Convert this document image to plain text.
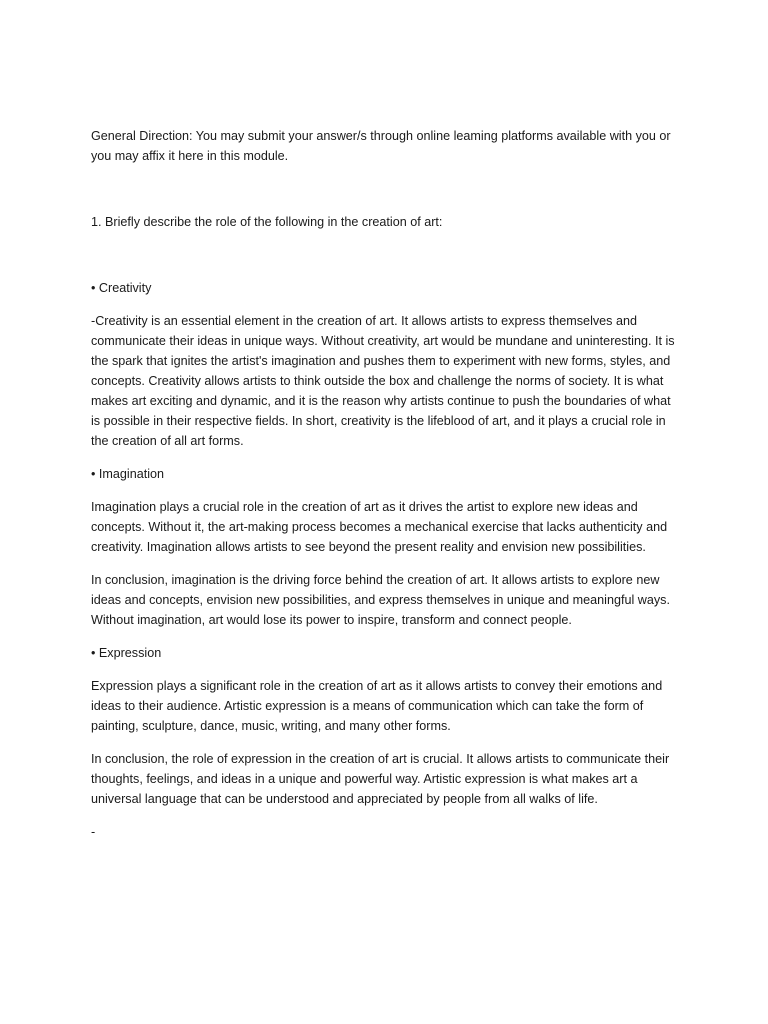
General Direction: You may submit your answer/s through online leaming platforms available with you or you may affix it here in this module.

1. Briefly describe the role of the following in the creation of art:

• Creativity

-Creativity is an essential element in the creation of art. It allows artists to express themselves and communicate their ideas in unique ways. Without creativity, art would be mundane and uninteresting. It is the spark that ignites the artist's imagination and pushes them to experiment with new forms, styles, and concepts. Creativity allows artists to think outside the box and challenge the norms of society. It is what makes art exciting and dynamic, and it is the reason why artists continue to push the boundaries of what is possible in their respective fields. In short, creativity is the lifeblood of art, and it plays a crucial role in the creation of all art forms.

• Imagination

Imagination plays a crucial role in the creation of art as it drives the artist to explore new ideas and concepts. Without it, the art-making process becomes a mechanical exercise that lacks authenticity and creativity. Imagination allows artists to see beyond the present reality and envision new possibilities.

In conclusion, imagination is the driving force behind the creation of art. It allows artists to explore new ideas and concepts, envision new possibilities, and express themselves in unique and meaningful ways. Without imagination, art would lose its power to inspire, transform and connect people.

• Expression

Expression plays a significant role in the creation of art as it allows artists to convey their emotions and ideas to their audience. Artistic expression is a means of communication which can take the form of painting, sculpture, dance, music, writing, and many other forms.

In conclusion, the role of expression in the creation of art is crucial. It allows artists to communicate their thoughts, feelings, and ideas in a unique and powerful way. Artistic expression is what makes art a universal language that can be understood and appreciated by people from all walks of life.

-
